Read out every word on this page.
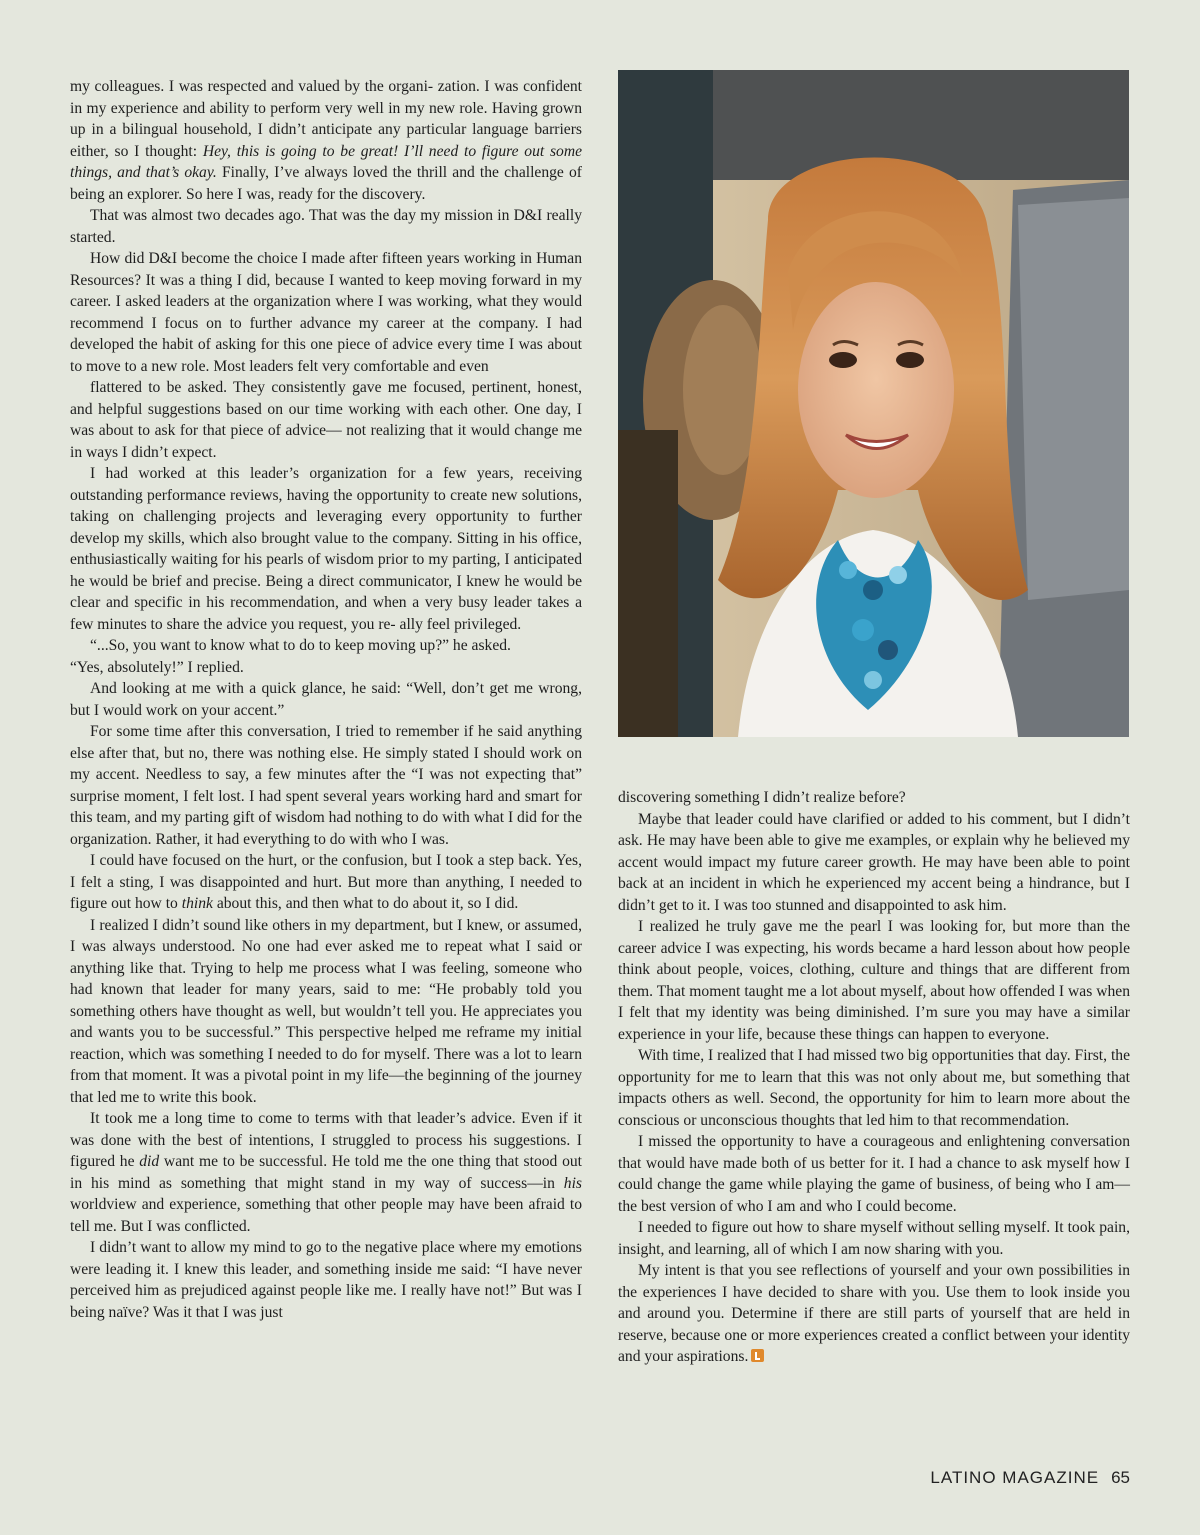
my colleagues. I was respected and valued by the organi- zation. I was confident in my experience and ability to perform very well in my new role. Having grown up in a bilingual household, I didn’t anticipate any particular language barriers either, so I thought: Hey, this is going to be great! I’ll need to figure out some things, and that’s okay. Finally, I’ve always loved the thrill and the challenge of being an explorer. So here I was, ready for the discovery.

That was almost two decades ago. That was the day my mission in D&I really started.

How did D&I become the choice I made after fifteen years working in Human Resources? It was a thing I did, because I wanted to keep moving forward in my career. I asked leaders at the organization where I was working, what they would recommend I focus on to further advance my career at the company. I had developed the habit of asking for this one piece of advice every time I was about to move to a new role. Most leaders felt very comfortable and even

flattered to be asked. They consistently gave me focused, pertinent, honest, and helpful suggestions based on our time working with each other. One day, I was about to ask for that piece of advice— not realizing that it would change me in ways I didn’t expect.

I had worked at this leader’s organization for a few years, receiving outstanding performance reviews, having the opportunity to create new solutions, taking on challenging projects and leveraging every opportunity to further develop my skills, which also brought value to the company. Sitting in his office, enthusiastically waiting for his pearls of wisdom prior to my parting, I anticipated he would be brief and precise. Being a direct communicator, I knew he would be clear and specific in his recommendation, and when a very busy leader takes a few minutes to share the advice you request, you re- ally feel privileged.

“...So, you want to know what to do to keep moving up?” he asked.

“Yes, absolutely!” I replied.

And looking at me with a quick glance, he said: “Well, don’t get me wrong, but I would work on your accent.”

For some time after this conversation, I tried to remember if he said anything else after that, but no, there was nothing else. He simply stated I should work on my accent. Needless to say, a few minutes after the “I was not expecting that” surprise moment, I felt lost. I had spent several years working hard and smart for this team, and my parting gift of wisdom had nothing to do with what I did for the organization. Rather, it had everything to do with who I was.

I could have focused on the hurt, or the confusion, but I took a step back. Yes, I felt a sting, I was disappointed and hurt. But more than anything, I needed to figure out how to think about this, and then what to do about it, so I did.

I realized I didn’t sound like others in my department, but I knew, or assumed, I was always understood. No one had ever asked me to repeat what I said or anything like that. Trying to help me process what I was feeling, someone who had known that leader for many years, said to me: “He probably told you something others have thought as well, but wouldn’t tell you. He appreciates you and wants you to be successful.” This perspective helped me reframe my initial reaction, which was something I needed to do for myself. There was a lot to learn from that moment. It was a pivotal point in my life—the beginning of the journey that led me to write this book.

It took me a long time to come to terms with that leader’s advice. Even if it was done with the best of intentions, I struggled to process his suggestions. I figured he did want me to be successful. He told me the one thing that stood out in his mind as something that might stand in my way of success—in his worldview and experience, something that other people may have been afraid to tell me. But I was conflicted.

I didn’t want to allow my mind to go to the negative place where my emotions were leading it. I knew this leader, and something inside me said: “I have never perceived him as prejudiced against people like me. I really have not!” But was I being naïve? Was it that I was just

discovering something I didn’t realize before?

Maybe that leader could have clarified or added to his comment, but I didn’t ask. He may have been able to give me examples, or explain why he believed my accent would impact my future career growth. He may have been able to point back at an incident in which he experienced my accent being a hindrance, but I didn’t get to it. I was too stunned and disappointed to ask him.

I realized he truly gave me the pearl I was looking for, but more than the career advice I was expecting, his words became a hard lesson about how people think about people, voices, clothing, culture and things that are different from them. That moment taught me a lot about myself, about how offended I was when I felt that my identity was being diminished. I’m sure you may have a similar experience in your life, because these things can happen to everyone.

With time, I realized that I had missed two big opportunities that day. First, the opportunity for me to learn that this was not only about me, but something that impacts others as well. Second, the opportunity for him to learn more about the conscious or unconscious thoughts that led him to that recommendation.

I missed the opportunity to have a courageous and enlightening conversation that would have made both of us better for it. I had a chance to ask myself how I could change the game while playing the game of business, of being who I am—the best version of who I am and who I could become.

I needed to figure out how to share myself without selling myself. It took pain, insight, and learning, all of which I am now sharing with you.

My intent is that you see reflections of yourself and your own possibilities in the experiences I have decided to share with you. Use them to look inside you and around you. Determine if there are still parts of yourself that are held in reserve, because one or more experiences created a conflict between your identity and your aspirations.

LATINO MAGAZINE 65
